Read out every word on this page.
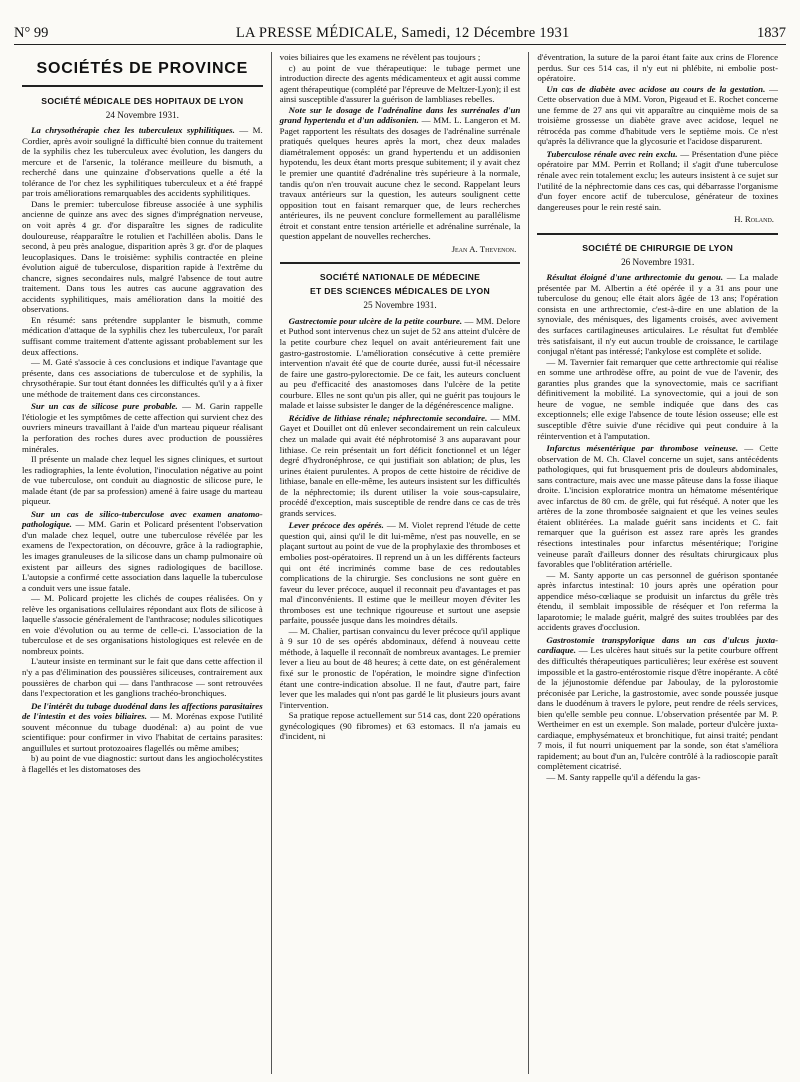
N° 99	LA PRESSE MÉDICALE, Samedi, 12 Décembre 1931	1837
SOCIÉTÉS DE PROVINCE
SOCIÉTÉ MÉDICALE DES HOPITAUX DE LYON
24 Novembre 1931.

La chrysothérapie chez les tuberculeux syphilitiques. — M. Cordier, après avoir souligné la difficulté bien connue du traitement de la syphilis chez les tuberculeux avec évolution, les dangers du mercure et de l'arsenic, la tolérance meilleure du bismuth, a recherché dans une quinzaine d'observations quelle a été la tolérance de l'or chez les syphilitiques tuberculeux et a été frappé par trois améliorations remarquables des accidents syphilitiques.

Dans le premier: tuberculose fibreuse associée à une syphilis ancienne de quinze ans avec des signes d'imprégnation nerveuse, on voit après 4 gr. d'or disparaître les signes de radiculite douloureuse, réapparaître le rotulien et l'achilléen abolis. Dans le second, à peu près analogue, disparition après 3 gr. d'or de plaques leucoplasiques. Dans le troisième: syphilis contractée en pleine évolution aiguë de tuberculose, disparition rapide à l'extrême du chancre, signes secondaires nuls, malgré l'absence de tout autre traitement. Dans tous les autres cas aucune aggravation des accidents syphilitiques, mais amélioration dans la moitié des observations.

En résumé: sans prétendre supplanter le bismuth, comme médication d'attaque de la syphilis chez les tuberculeux, l'or paraît suffisant comme traitement d'attente agissant probablement sur les deux affections.

— M. Gaté s'associe à ces conclusions et indique l'avantage que présente, dans ces associations de tuberculose et de syphilis, la chrysothérapie. Sur tout étant données les difficultés qu'il y a à fixer une méthode de traitement dans ces circonstances.

Sur un cas de silicose pure probable. — M. Garin rappelle l'étiologie et les symptômes de cette affection qui survient chez des ouvriers mineurs travaillant à l'aide d'un marteau piqueur réalisant la perforation des roches dures avec production de poussières minérales.

Il présente un malade chez lequel les signes cliniques, et surtout les radiographies, la lente évolution, l'inoculation négative au point de vue tuberculose, ont conduit au diagnostic de silicose pure, le malade étant (de par sa profession) amené à faire usage du marteau piqueur.

Sur un cas de silico-tuberculose avec examen anatomo-pathologique. — MM. Garin et Policard présentent l'observation d'un malade chez lequel, outre une tuberculose révélée par les examens de l'expectoration, on découvre, grâce à la radiographie, les images granuleuses de la silicose dans un champ pulmonaire où existent par ailleurs des signes radiologiques de bacillose. L'autopsie a confirmé cette association dans laquelle la tuberculose a conduit vers une issue fatale.

— M. Policard projette les clichés de coupes réalisées. On y relève les organisations cellulaires répondant aux flots de silicose à laquelle s'associe généralement de l'anthracose; nodules silicotiques en voie d'évolution ou au terme de celle-ci. L'association de la tuberculose et de ses organisations histologiques est relevée en de nombreux points.

L'auteur insiste en terminant sur le fait que dans cette affection il n'y a pas d'élimination des poussières siliceuses, contrairement aux poussières de charbon qui — dans l'anthracose — sont retrouvées dans l'expectoration et les ganglions trachéo-bronchiques.

De l'intérêt du tubage duodénal dans les affections parasitaires de l'intestin et des voies biliaires. — M. Morénas expose l'utilité souvent méconnue du tubage duodénal: a) au point de vue scientifique: pour confirmer in vivo l'habitat de certains parasites: anguillules et surtout protozoaires flagellés ou même amibes;

b) au point de vue diagnostic: surtout dans les angiocholécystites à flagellés et les distomatoses des

voies biliaires que les examens ne révèlent pas toujours ;

c) au point de vue thérapeutique: le tubage permet une introduction directe des agents médicamenteux et agit aussi comme agent thérapeutique (complété par l'épreuve de Meltzer-Lyon); il est ainsi susceptible d'assurer la guérison de lambliases rebelles.

Note sur le dosage de l'adrénaline dans les surrénales d'un grand hypertendu et d'un addisonien. — MM. L. Langeron et M. Paget rapportent les résultats des dosages de l'adrénaline surrénale pratiqués quelques heures après la mort, chez deux malades diamétralement opposés: un grand hypertendu et un addisonien hypotendu, les deux étant morts presque subitement; il y avait chez le premier une quantité d'adrénaline très supérieure à la normale, tandis qu'on n'en trouvait aucune chez le second. Rappelant leurs travaux antérieurs sur la question, les auteurs soulignent cette opposition tout en faisant remarquer que, de leurs recherches antérieures, ils ne peuvent conclure formellement au parallélisme étroit et constant entre tension artérielle et adrénaline surrénale, la question appelant de nouvelles recherches.

Jean A. Thevenon.
SOCIÉTÉ NATIONALE DE MÉDECINE
ET DES SCIENCES MÉDICALES DE LYON
25 Novembre 1931.

Gastrectomie pour ulcère de la petite courbure. — MM. Delore et Puthod sont intervenus chez un sujet de 52 ans atteint d'ulcère de la petite courbure chez lequel on avait antérieurement fait une gastro-gastrostomie. L'amélioration consécutive à cette première intervention n'avait été que de courte durée, aussi fut-il nécessaire de faire une gastro-pylorectomie. De ce fait, les auteurs concluent au peu d'efficacité des anastomoses dans l'ulcère de la petite courbure. Elles ne sont qu'un pis aller, qui ne guérit pas toujours le malade et laisse subsister le danger de la dégénérescence maligne.

Récidive de lithiase rénale; néphrectomie secondaire. — MM. Gayet et Douillet ont dû enlever secondairement un rein calculeux chez un malade qui avait été néphrotomisé 3 ans auparavant pour lithiase. Ce rein présentait un fort déficit fonctionnel et un léger degré d'hydronéphrose, ce qui justifiait son ablation; de plus, les urines étaient purulentes. A propos de cette histoire de récidive de lithiase, banale en elle-même, les auteurs insistent sur les difficultés de la néphrectomie; ils durent utiliser la voie sous-capsulaire, procédé d'exception, mais susceptible de rendre dans ce cas de très grands services.

Lever précoce des opérés. — M. Violet reprend l'étude de cette question qui, ainsi qu'il le dit lui-même, n'est pas nouvelle, en se plaçant surtout au point de vue de la prophylaxie des thromboses et embolies post-opératoires. Il reprend un à un les différents facteurs qui ont été incriminés comme base de ces redoutables complications de la chirurgie. Ses conclusions ne sont guère en faveur du lever précoce, auquel il reconnait peu d'avantages et pas mal d'inconvénients. Il estime que le meilleur moyen d'éviter les thromboses est une technique rigoureuse et surtout une asepsie parfaite, poussée jusque dans les moindres détails.

— M. Chalier, partisan convaincu du lever précoce qu'il applique à 9 sur 10 de ses opérés abdominaux, défend à nouveau cette méthode, à laquelle il reconnaît de nombreux avantages. Le premier lever a lieu au bout de 48 heures; à cette date, on est généralement fixé sur le pronostic de l'opération, le moindre signe d'infection étant une contre-indication absolue. Il ne faut, d'autre part, faire lever que les malades qui n'ont pas gardé le lit plusieurs jours avant l'intervention.

Sa pratique repose actuellement sur 514 cas, dont 220 opérations gynécologiques (90 fibromes) et 63 estomacs. Il n'a jamais eu d'incident, ni

d'éventration, la suture de la paroi étant faite aux crins de Florence perdus. Sur ces 514 cas, il n'y eut ni phlébite, ni embolie post-opératoire.

Un cas de diabète avec acidose au cours de la gestation. — Cette observation due à MM. Voron, Pigeaud et E. Rochet concerne une femme de 27 ans qui vit apparaître au cinquième mois de sa troisième grossesse un diabète grave avec acidose, lequel ne rétrocéda pas comme d'habitude vers le septième mois. Ce n'est qu'après la délivrance que la glycosurie et l'acidose disparurent.

Tuberculose rénale avec rein exclu. — Présentation d'une pièce opératoire par MM. Perrin et Rolland; il s'agit d'une tuberculose rénale avec rein totalement exclu; les auteurs insistent à ce sujet sur l'utilité de la néphrectomie dans ces cas, qui débarrasse l'organisme d'un foyer encore actif de tuberculose, générateur de toxines dangereuses pour le rein resté sain.

H. Roland.
SOCIÉTÉ DE CHIRURGIE DE LYON
26 Novembre 1931.

Résultat éloigné d'une arthrectomie du genou. — La malade présentée par M. Albertin a été opérée il y a 31 ans pour une tuberculose du genou; elle était alors âgée de 13 ans; l'opération consista en une arthrectomie, c'est-à-dire en une ablation de la synoviale, des ménisques, des ligaments croisés, avec avivement des surfaces cartilagineuses articulaires. Le résultat fut d'emblée très satisfaisant, il n'y eut aucun trouble de croissance, le cartilage conjugal n'étant pas intéressé; l'ankylose est complète et solide.

— M. Tavernier fait remarquer que cette arthrectomie qui réalise en somme une arthrodèse offre, au point de vue de l'avenir, des garanties plus grandes que la synovectomie, mais ce sacrifiant définitivement la mobilité. La synovectomie, qui a joui de son heure de vogue, ne semble indiquée que dans des cas exceptionnels; elle exige l'absence de toute lésion osseuse; elle est susceptible d'être suivie d'une récidive qui peut conduire à la réintervention et à l'amputation.

Infarctus mésentérique par thrombose veineuse. — Cette observation de M. Ch. Clavel concerne un sujet, sans antécédents pathologiques, qui fut brusquement pris de douleurs abdominales, sans contracture, mais avec une masse pâteuse dans la fosse iliaque droite. L'incision exploratrice montra un hématome mésentérique avec infarctus de 80 cm. de grêle, qui fut réséqué. A noter que les artères de la zone thrombosée saignaient et que les veines seules étaient oblitérées. La malade guérit sans incidents et C. fait remarquer que la guérison est assez rare après les grandes résections intestinales pour infarctus mésentérique; l'origine veineuse paraît d'ailleurs donner des résultats chirurgicaux plus favorables que l'oblitération artérielle.

— M. Santy apporte un cas personnel de guérison spontanée après infarctus intestinal: 10 jours après une opération pour appendice méso-cœliaque se produisit un infarctus du grêle très étendu, il semblait impossible de réséquer et l'on referma la laparotomie; le malade guérit, malgré des suites troublées par des accidents graves d'occlusion.

Gastrostomie transpylorique dans un cas d'ulcus juxta-cardiaque. — Les ulcères haut situés sur la petite courbure offrent des difficultés thérapeutiques particulières; leur exérèse est souvent impossible et la gastro-entérostomie risque d'être inopérante. A côté de la jéjunostomie défendue par Jaboulay, de la pylorostomie préconisée par Leriche, la gastrostomie, avec sonde poussée jusque dans le duodénum à travers le pylore, peut rendre de réels services, bien qu'elle semble peu connue. L'observation présentée par M. P. Wertheimer en est un exemple. Son malade, porteur d'ulcère juxta-cardiaque, emphysémateux et bronchitique, fut ainsi traité; pendant 7 mois, il fut nourri uniquement par la sonde, son état s'améliora rapidement; au bout d'un an, l'ulcère contrôlé à la radioscopie paraît complètement cicatrisé.

— M. Santy rappelle qu'il a défendu la gas-
